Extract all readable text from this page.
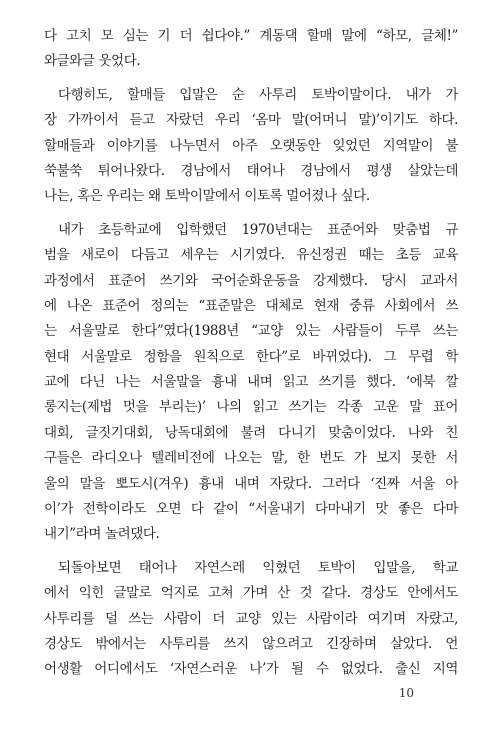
다 고치 모 심는 기 더 쉽다야.” 계동댁 할매 말에 “하모, 글체!”
와글와글 웃었다.
다행히도, 할매들 입말은 순 사투리 토박이말이다. 내가 가
장 가까이서 듣고 자랐던 우리 ‘옴마 말(어머니 말)’이기도 하다.
할매들과 이야기를 나누면서 아주 오랫동안 잊었던 지역말이 불
쑥불쑥 튀어나왔다. 경남에서 태어나 경남에서 평생 살았는데
나는, 혹은 우리는 왜 토박이말에서 이토록 멀어졌나 싶다.
내가 초등학교에 입학했던 1970년대는 표준어와 맞춤법 규
범을 새로이 다듬고 세우는 시기였다. 유신정권 때는 초등 교육
과정에서 표준어 쓰기와 국어순화운동을 강제했다. 당시 교과서
에 나온 표준어 정의는 “표준말은 대체로 현재 중류 사회에서 쓰
는 서울말로 한다”였다(1988년 “교양 있는 사람들이 두루 쓰는
현대 서울말로 정함을 원칙으로 한다”로 바뀌었다). 그 무렵 학
교에 다닌 나는 서울말을 흉내 내며 읽고 쓰기를 했다. ‘에북 깔
롱지는(제법 멋을 부리는)’ 나의 읽고 쓰기는 각종 고운 말 표어
대회, 글짓기대회, 낭독대회에 불려 다니기 맞춤이었다. 나와 친
구들은 라디오나 텔레비전에 나오는 말, 한 번도 가 보지 못한 서
울의 말을 뽀도시(겨우) 흉내 내며 자랐다. 그러다 ‘진짜 서울 아
이’가 전학이라도 오면 다 같이 “서울내기 다마내기 맛 좋은 다마
내기”라며 놀려댔다.
되돌아보면 태어나 자연스레 익혔던 토박이 입말을, 학교
에서 익힌 글말로 억지로 고쳐 가며 산 것 같다. 경상도 안에서도
사투리를 덜 쓰는 사람이 더 교양 있는 사람이라 여기며 자랐고,
경상도 밖에서는 사투리를 쓰지 않으려고 긴장하며 살았다. 언
어생활 어디에서도 ‘자연스러운 나’가 될 수 없었다. 출신 지역
10
